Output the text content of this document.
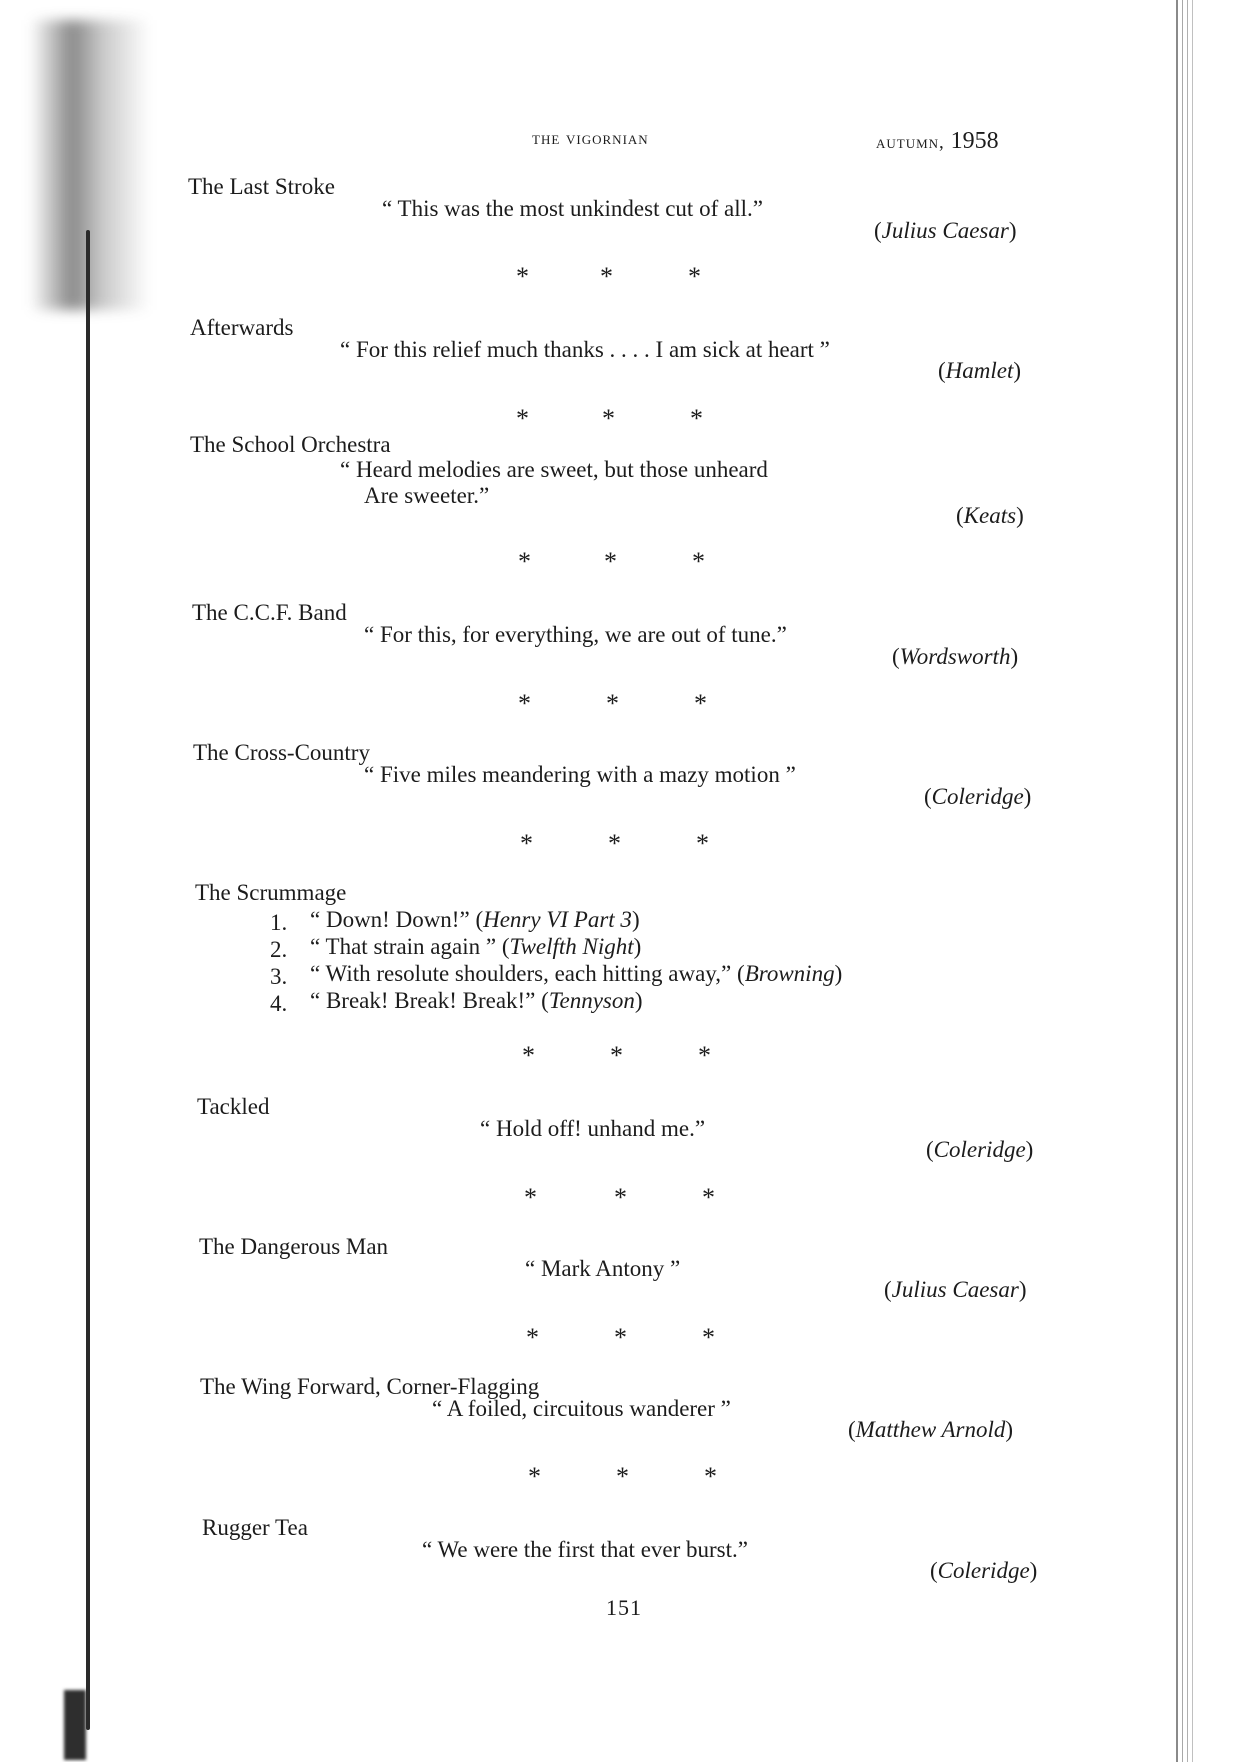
the vigornian	autumn, 1958
The Last Stroke
“ This was the most unkindest cut of all.”
(Julius Caesar)
*	*	*
Afterwards
“ For this relief much thanks . . . . I am sick at heart ”
(Hamlet)
*	*	*
The School Orchestra
“ Heard melodies are sweet, but those unheard
Are sweeter.”
(Keats)
*	*	*
The C.C.F. Band
“ For this, for everything, we are out of tune.”
(Wordsworth)
*	*	*
The Cross-Country
“ Five miles meandering with a mazy motion ”
(Coleridge)
*	*	*
The Scrummage
1. “ Down! Down!” (Henry VI Part 3)
2. “ That strain again ” (Twelfth Night)
3. “ With resolute shoulders, each hitting away,” (Browning)
4. “ Break! Break! Break!” (Tennyson)
*	*	*
Tackled
“ Hold off! unhand me.”
(Coleridge)
*	*	*
The Dangerous Man
“ Mark Antony ”
(Julius Caesar)
*	*	*
The Wing Forward, Corner-Flagging
“ A foiled, circuitous wanderer ”
(Matthew Arnold)
*	*	*
Rugger Tea
“ We were the first that ever burst.”
(Coleridge)
151
